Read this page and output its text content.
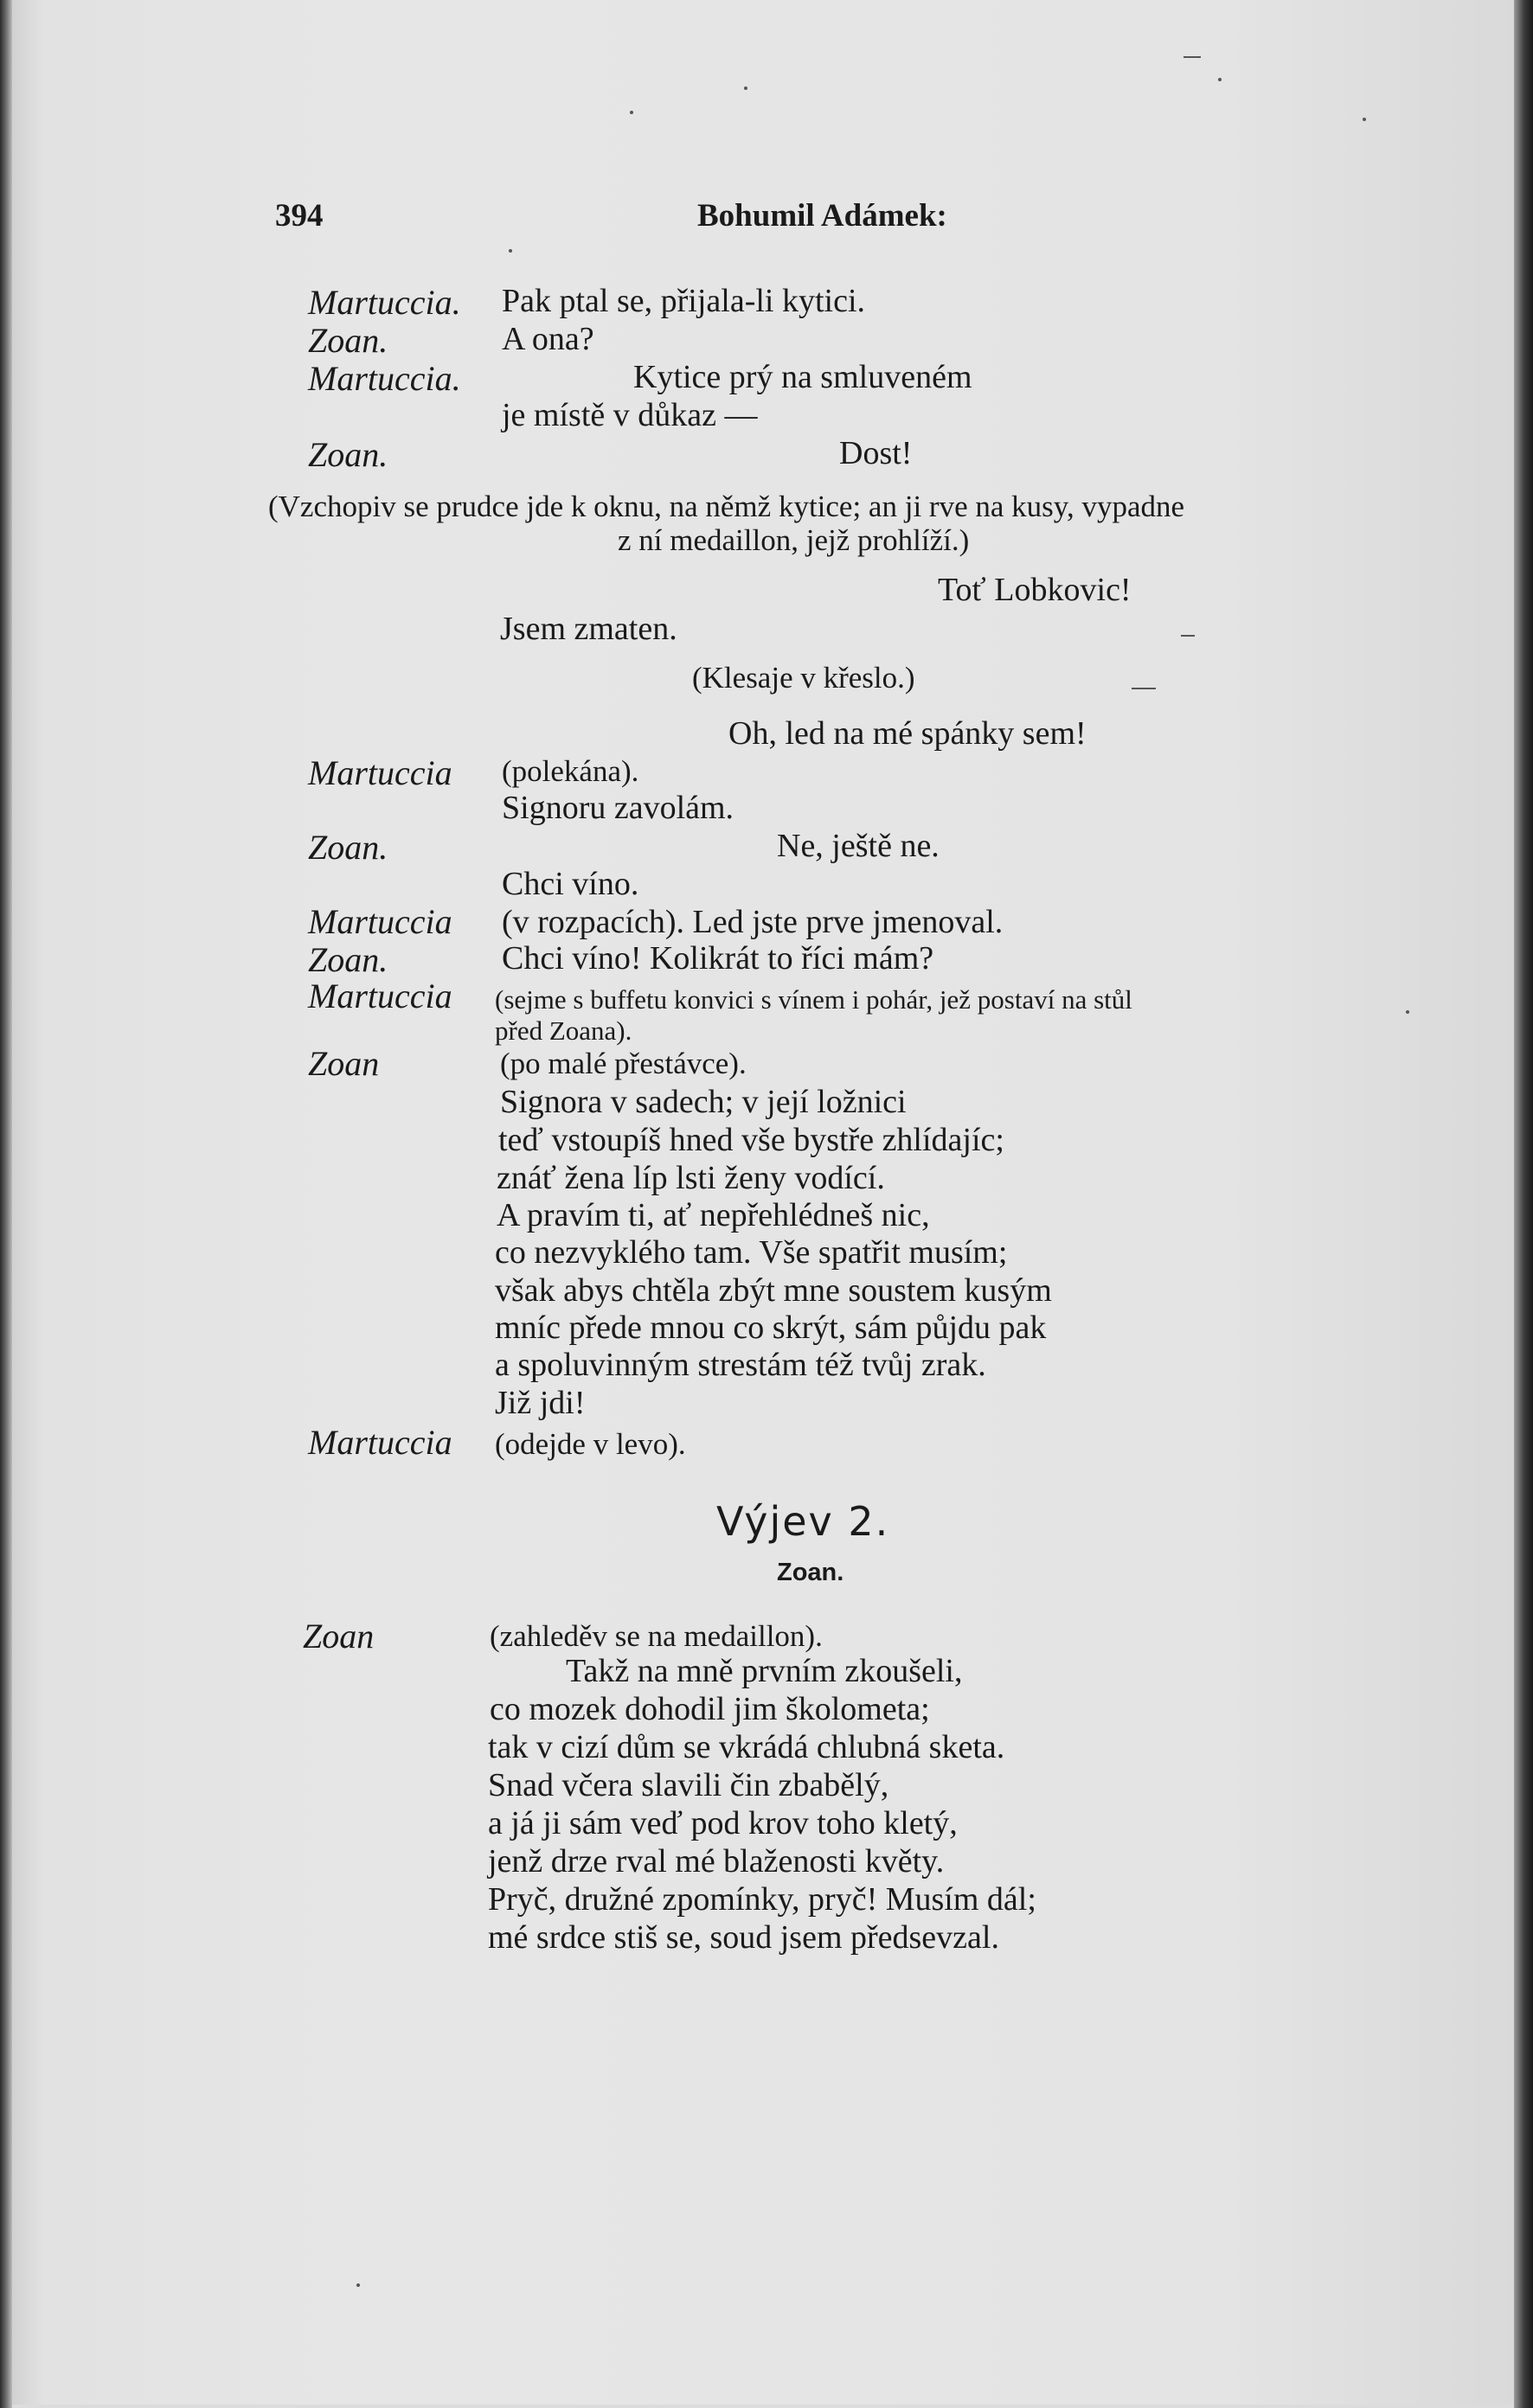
394	Bohumil Adámek:
Martuccia. Pak ptal se, přijala-li kytici.
Zoan.	A ona?
Martuccia.	Kytice prý na smluveném
je místě v důkaz —
Zoan.	Dost!
(Vzchopiv se prudce jde k oknu, na němž kytice; an ji rve na kusy, vypadne
z ní medaillon, jejž prohlíží.)
Toť Lobkovic!
Jsem zmaten.
(Klesaje v křeslo.)
Oh, led na mé spánky sem!
Martuccia (polekána).
Signoru zavolám.
Zoan.	Ne, ještě ne.
Chci víno.
Martuccia (v rozpacích). Led jste prve jmenoval.
Zoan.	Chci víno! Kolikrát to říci mám?
Martuccia (sejme s buffetu konvici s vínem i pohár, jež postaví na stůl
před Zoana).
Zoan	(po malé přestávce).
Signora v sadech; v její ložnici
teď vstoupíš hned vše bystře zhlídajíc;
znáť žena líp lsti ženy vodící.
A pravím ti, ať nepřehlédneš nic,
co nezvyklého tam. Vše spatřit musím;
však abys chtěla zbýt mne soustem kusým
mníc přede mnou co skrýt, sám půjdu pak
a spoluvinným strestám též tvůj zrak.
Již jdi!
Martuccia (odejde v levo).
Výjev 2.
Zoan.
Zoan	(zahleděv se na medaillon).
Takž na mně prvním zkoušeli,
co mozek dohodil jim školometa;
tak v cizí dům se vkrádá chlubná sketa.
Snad včera slavili čin zbabělý,
a já ji sám veď pod krov toho kletý,
jenž drze rval mé blaženosti květy.
Pryč, družné zpomínky, pryč! Musím dál;
mé srdce stiš se, soud jsem předsevzal.
